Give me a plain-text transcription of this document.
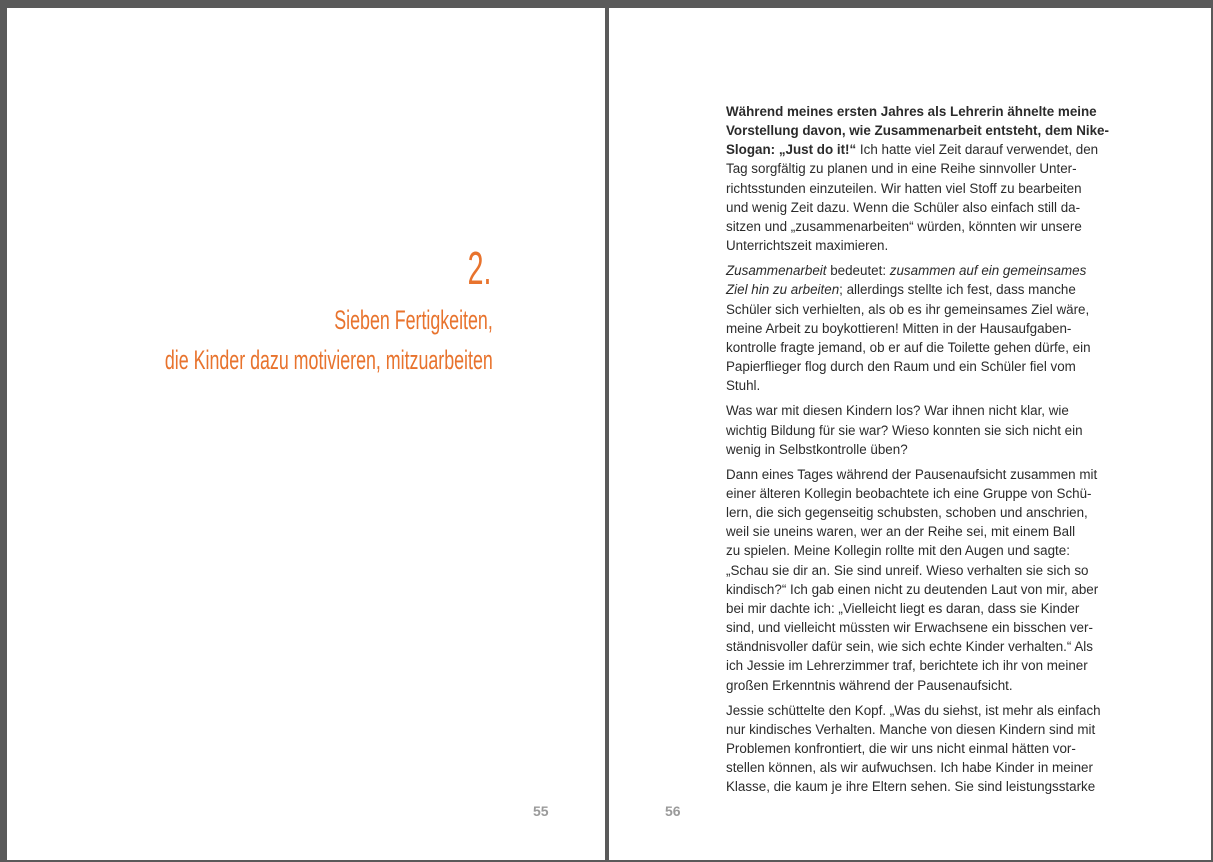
2.
Sieben Fertigkeiten,
die Kinder dazu motivieren, mitzuarbeiten
55

Während meines ersten Jahres als Lehrerin ähnelte meine
Vorstellung davon, wie Zusammenarbeit entsteht, dem Nike-
Slogan: „Just do it!“ Ich hatte viel Zeit darauf verwendet, den
Tag sorgfältig zu planen und in eine Reihe sinnvoller Unter-
richtsstunden einzuteilen. Wir hatten viel Stoff zu bearbeiten
und wenig Zeit dazu. Wenn die Schüler also einfach still da-
sitzen und „zusammenarbeiten“ würden, könnten wir unsere
Unterrichtszeit maximieren.

Zusammenarbeit bedeutet: zusammen auf ein gemeinsames
Ziel hin zu arbeiten; allerdings stellte ich fest, dass manche
Schüler sich verhielten, als ob es ihr gemeinsames Ziel wäre,
meine Arbeit zu boykottieren! Mitten in der Hausaufgaben-
kontrolle fragte jemand, ob er auf die Toilette gehen dürfe, ein
Papierflieger flog durch den Raum und ein Schüler fiel vom
Stuhl.

Was war mit diesen Kindern los? War ihnen nicht klar, wie
wichtig Bildung für sie war? Wieso konnten sie sich nicht ein
wenig in Selbstkontrolle üben?

Dann eines Tages während der Pausenaufsicht zusammen mit
einer älteren Kollegin beobachtete ich eine Gruppe von Schü-
lern, die sich gegenseitig schubsten, schoben und anschrien,
weil sie uneins waren, wer an der Reihe sei, mit einem Ball
zu spielen. Meine Kollegin rollte mit den Augen und sagte:
„Schau sie dir an. Sie sind unreif. Wieso verhalten sie sich so
kindisch?“ Ich gab einen nicht zu deutenden Laut von mir, aber
bei mir dachte ich: „Vielleicht liegt es daran, dass sie Kinder
sind, und vielleicht müssten wir Erwachsene ein bisschen ver-
ständnisvoller dafür sein, wie sich echte Kinder verhalten.“ Als
ich Jessie im Lehrerzimmer traf, berichtete ich ihr von meiner
großen Erkenntnis während der Pausenaufsicht.

Jessie schüttelte den Kopf. „Was du siehst, ist mehr als einfach
nur kindisches Verhalten. Manche von diesen Kindern sind mit
Problemen konfrontiert, die wir uns nicht einmal hätten vor-
stellen können, als wir aufwuchsen. Ich habe Kinder in meiner
Klasse, die kaum je ihre Eltern sehen. Sie sind leistungsstarke

56
